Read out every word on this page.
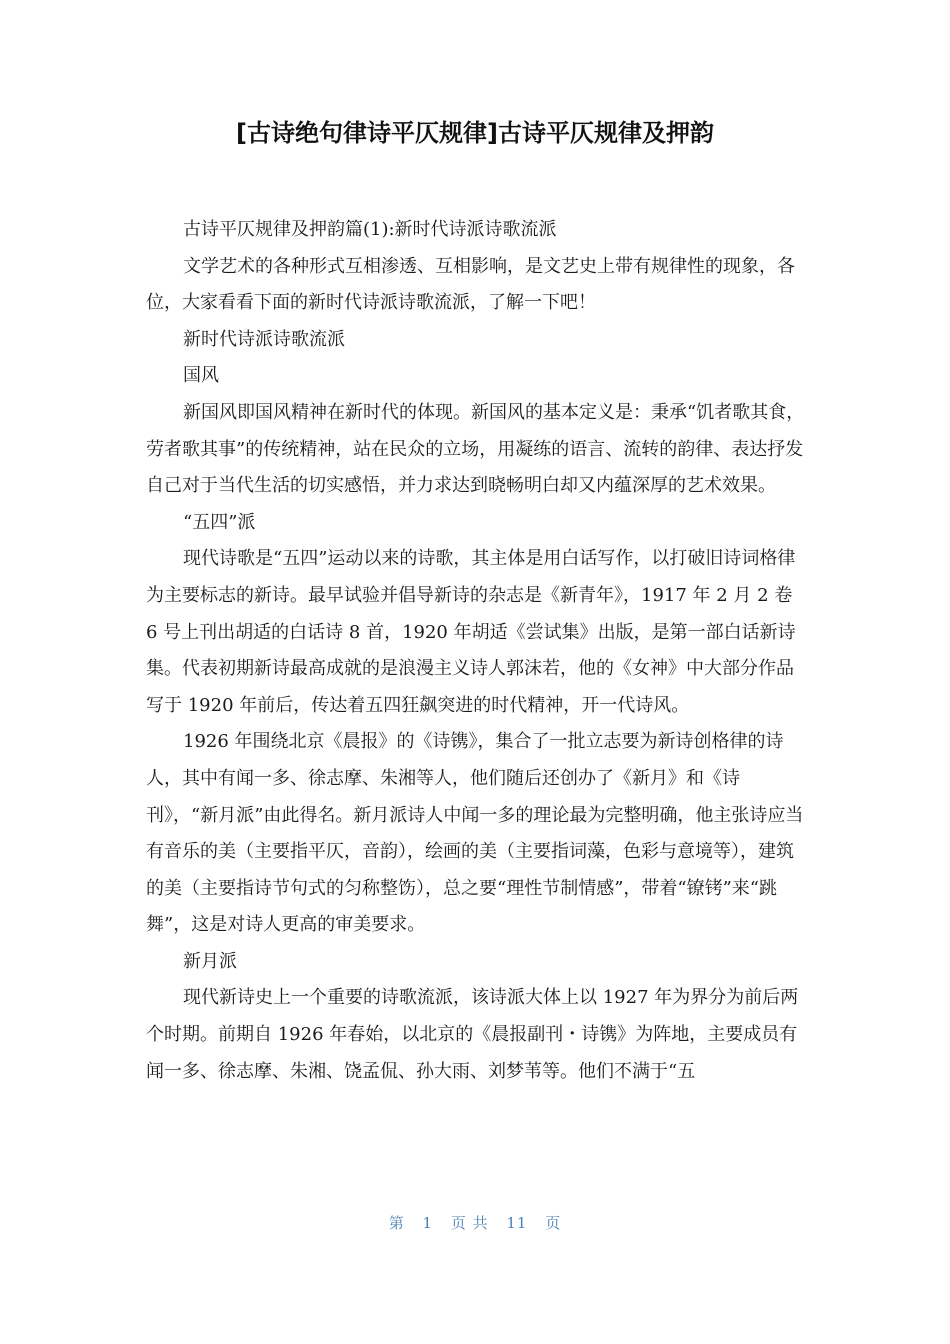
[古诗绝句律诗平仄规律]古诗平仄规律及押韵

古诗平仄规律及押韵篇(1):新时代诗派诗歌流派

文学艺术的各种形式互相渗透、互相影响，是文艺史上带有规律性的现象，各位，大家看看下面的新时代诗派诗歌流派，了解一下吧！

新时代诗派诗歌流派

国风

新国风即国风精神在新时代的体现。新国风的基本定义是：秉承“饥者歌其食，劳者歌其事”的传统精神，站在民众的立场，用凝练的语言、流转的韵律、表达抒发自己对于当代生活的切实感悟，并力求达到晓畅明白却又内蕴深厚的艺术效果。

“五四”派

现代诗歌是“五四”运动以来的诗歌，其主体是用白话写作，以打破旧诗词格律为主要标志的新诗。最早试验并倡导新诗的杂志是《新青年》，1917 年 2 月 2 卷 6 号上刊出胡适的白话诗 8 首，1920 年胡适《尝试集》出版，是第一部白话新诗集。代表初期新诗最高成就的是浪漫主义诗人郭沫若，他的《女神》中大部分作品写于 1920 年前后，传达着五四狂飙突进的时代精神，开一代诗风。

1926 年围绕北京《晨报》的《诗镌》，集合了一批立志要为新诗创格律的诗人，其中有闻一多、徐志摩、朱湘等人，他们随后还创办了《新月》和《诗刊》，“新月派”由此得名。新月派诗人中闻一多的理论最为完整明确，他主张诗应当有音乐的美（主要指平仄，音韵），绘画的美（主要指词藻，色彩与意境等），建筑的美（主要指诗节句式的匀称整饬），总之要“理性节制情感”，带着“镣铐”来“跳舞”，这是对诗人更高的审美要求。

新月派

现代新诗史上一个重要的诗歌流派，该诗派大体上以 1927 年为界分为前后两个时期。前期自 1926 年春始，以北京的《晨报副刊・诗镌》为阵地，主要成员有闻一多、徐志摩、朱湘、饶孟侃、孙大雨、刘梦苇等。他们不满于“五

第 1 页 共 11 页
